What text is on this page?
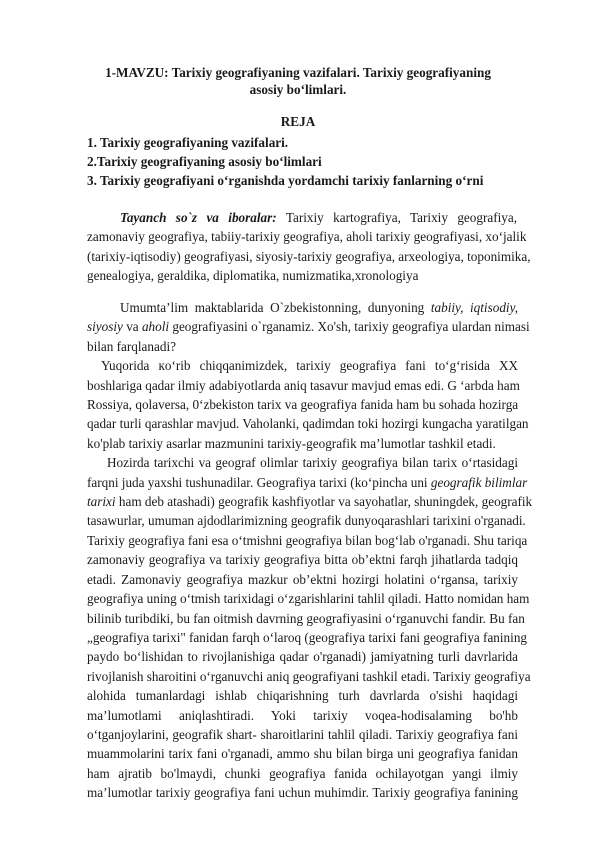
1-MAVZU: Tarixiy geografiyaning vazifalari. Tarixiy geografiyaning
asosiy bo‘limlari.
REJA
1. Tarixiy geografiyaning vazifalari.
2.Tarixiy geografiyaning asosiy bo‘limlari
3. Tarixiy geografiyani o‘rganishda yordamchi tarixiy fanlarning o‘rni
Tayanch so`z va iboralar: Tarixiy kartografiya, Tarixiy geografiya,
zamonaviy geografiya, tabiiy-tarixiy geografiya, aholi tarixiy geografiyasi, xo‘jalik
(tarixiy-iqtisodiy) geografiyasi, siyosiy-tarixiy geografiya, arxeologiya, toponimika,
genealogiya, geraldika, diplomatika, numizmatika,xronologiya
Umumta’lim maktablarida O`zbekistonning, dunyoning tabiiy, iqtisodiy,
siyosiy va aholi geografiyasini o`rganamiz. Xo'sh, tarixiy geografiya ulardan nimasi
bilan farqlanadi?
Yuqorida кo‘rib chiqqanimizdek, tarixiy geografiya fani to‘g‘risida XX
boshlariga qadar ilmiy adabiyotlarda aniq tasavur mavjud emas edi. G ‘arbda ham
Rossiya, qolaversa, 0‘zbekiston tarix va geografiya fanida ham bu sohada hozirga
qadar turli qarashlar mavjud. Vaholanki, qadimdan toki hozirgi kungacha yaratilgan
ko'plab tarixiy asarlar mazmunini tarixiy-geografik ma’lumotlar tashkil etadi.
Hozirda tarixchi va geograf olimlar tarixiy geografiya bilan tarix o‘rtasidagi
farqni juda yaxshi tushunadilar. Geografiya tarixi (ko‘pincha uni geografik bilimlar
tarixi ham deb atashadi) geografik kashfiyotlar va sayohatlar, shuningdek, geografik
tasawurlar, umuman ajdodlarimizning geografik dunyoqarashlari tarixini o'rganadi.
Tarixiy geografiya fani esa o‘tmishni geografiya bilan bog‘lab o'rganadi. Shu tariqa
zamonaviy geografiya va tarixiy geografiya bitta ob’ektni farqh jihatlarda tadqiq
etadi. Zamonaviy geografiya mazkur ob’ektni hozirgi holatini o‘rgansa, tarixiy
geografiya uning o‘tmish tarixidagi o‘zgarishlarini tahlil qiladi. Hatto nomidan ham
bilinib turibdiki, bu fan oitmish davrning geografiyasini o‘rganuvchi fandir. Bu fan
„geografiya tarixi" fanidan farqh o‘laroq (geografiya tarixi fani geografiya fanining
paydo bo‘lishidan to rivojlanishiga qadar o'rganadi) jamiyatning turli davrlarida
rivojlanish sharoitini o‘rganuvchi aniq geografiyani tashkil etadi. Tarixiy geografiya
alohida tumanlardagi ishlab chiqarishning turh davrlarda o'sishi haqidagi
ma’lumotlami aniqlashtiradi. Yoki tarixiy voqea-hodisalaming bo'hb
o‘tganjoylarini, geografik shart- sharoitlarini tahlil qiladi. Tarixiy geografiya fani
muammolarini tarix fani o'rganadi, ammo shu bilan birga uni geografiya fanidan
ham ajratib bo'lmaydi, chunki geografiya fanida ochilayotgan yangi ilmiy
ma’lumotlar tarixiy geografiya fani uchun muhimdir. Tarixiy geografiya fanining
